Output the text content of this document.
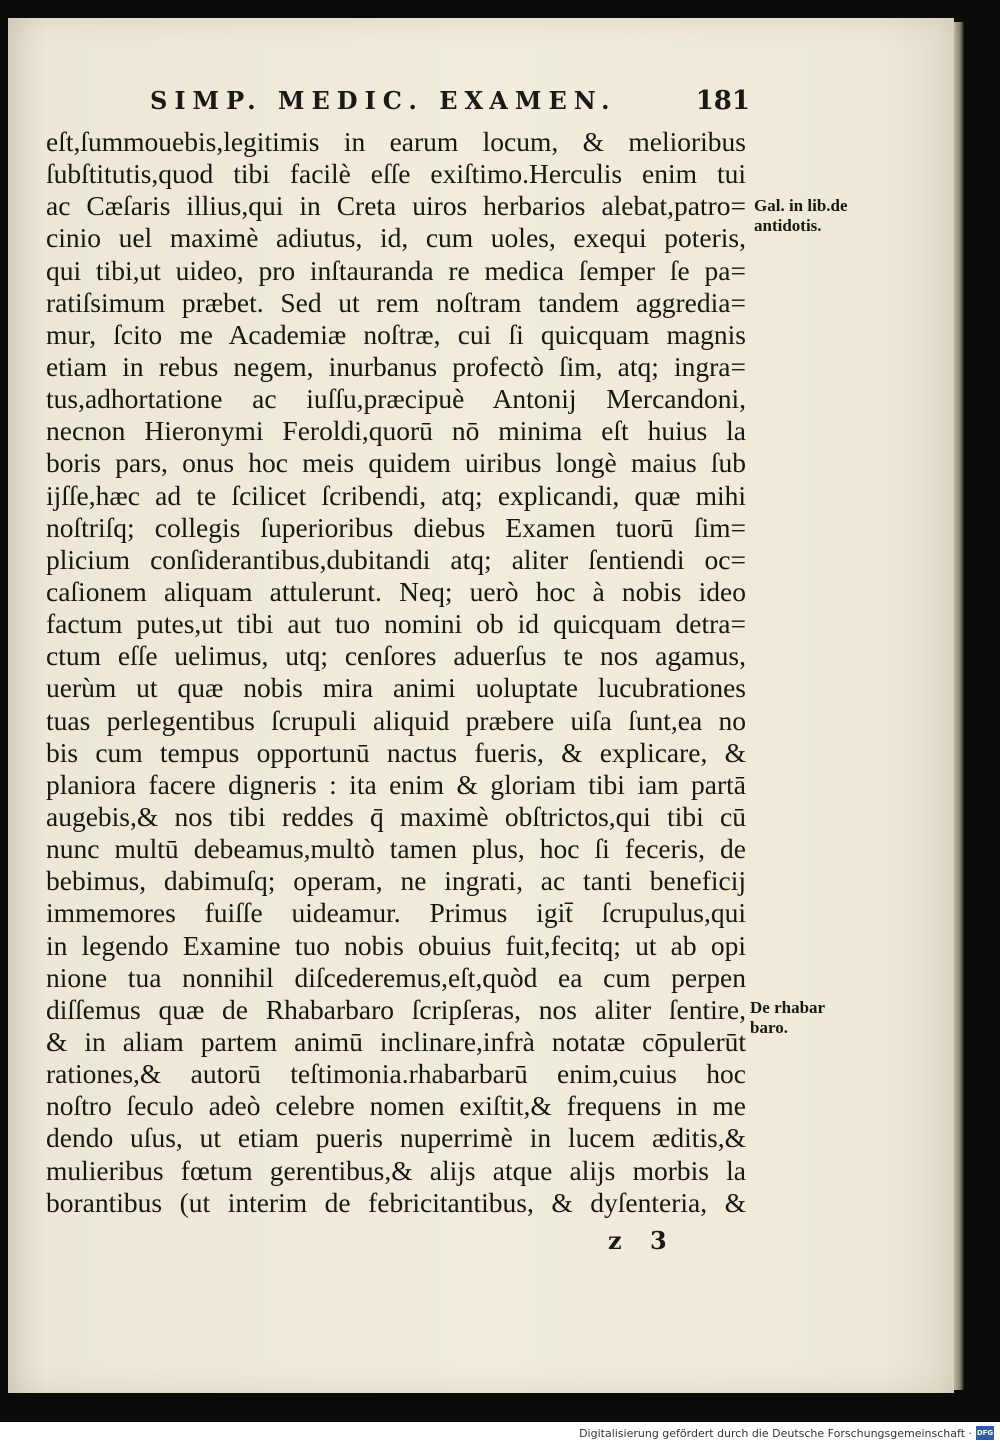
SIMP. MEDIC. EXAMEN.	181
eſt,ſummouebis,legitimis in earum locum, & melioribus
ſubſtitutis,quod tibi facilè eſſe exiſtimo.Herculis enim tui
ac Cæſaris illius,qui in Creta uiros herbarios alebat,patro=
cinio uel maximè adiutus, id, cum uoles, exequi poteris,
qui tibi,ut uideo, pro inſtauranda re medica ſemper ſe pa=
ratiſsimum præbet. Sed ut rem noſtram tandem aggredia=
mur, ſcito me Academiæ noſtræ, cui ſi quicquam magnis
etiam in rebus negem, inurbanus profectò ſim, atq; ingra=
tus,adhortatione ac iuſſu,præcipuè Antonij Mercandoni,
necnon Hieronymi Feroldi,quorū nō minima eſt huius la
boris pars, onus hoc meis quidem uiribus longè maius ſub
ijſſe,hæc ad te ſcilicet ſcribendi, atq; explicandi, quæ mihi
noſtriſq; collegis ſuperioribus diebus Examen tuorū ſim=
plicium conſiderantibus,dubitandi atq; aliter ſentiendi oc=
caſionem aliquam attulerunt. Neq; uerò hoc à nobis ideo
factum putes,ut tibi aut tuo nomini ob id quicquam detra=
ctum eſſe uelimus, utq; cenſores aduerſus te nos agamus,
uerùm ut quæ nobis mira animi uoluptate lucubrationes
tuas perlegentibus ſcrupuli aliquid præbere uiſa ſunt,ea no
bis cum tempus opportunū nactus fueris, & explicare, &
planiora facere digneris : ita enim & gloriam tibi iam partā
augebis,& nos tibi reddes q̄ maximè obſtrictos,qui tibi cū
nunc multū debeamus,multò tamen plus, hoc ſi feceris, de
bebimus, dabimuſq; operam, ne ingrati, ac tanti beneficij
immemores fuiſſe uideamur. Primus igit̄ ſcrupulus,qui
in legendo Examine tuo nobis obuius fuit,fecitq; ut ab opi
nione tua nonnihil diſcederemus,eſt,quòd ea cum perpen
diſſemus quæ de Rhabarbaro ſcripſeras, nos aliter ſentire,
& in aliam partem animū inclinare,infrà notatæ cōpulerūt
rationes,& autorū teſtimonia.rhabarbarū enim,cuius hoc
noſtro ſeculo adeò celebre nomen exiſtit,& frequens in me
dendo uſus, ut etiam pueris nuperrimè in lucem æditis,&
mulieribus fœtum gerentibus,& alijs atque alijs morbis la
borantibus (ut interim de febricitantibus, & dyſenteria, &
Gal. in lib.de
antidotis.
De rhabar
baro.
z 3
Digitalisierung gefördert durch die Deutsche Forschungsgemeinschaft · DFG
